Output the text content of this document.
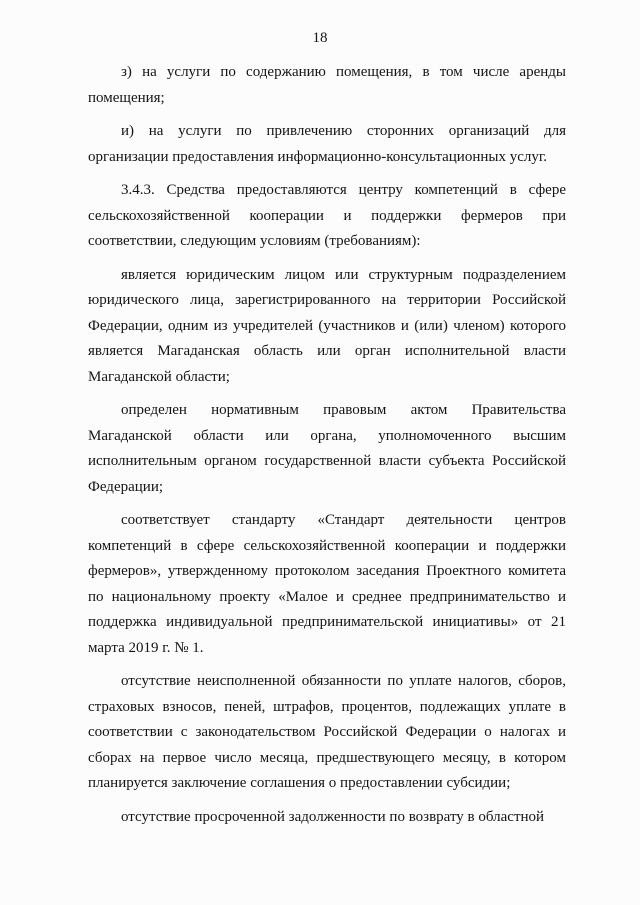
18

з) на услуги по содержанию помещения, в том числе аренды помещения;

и) на услуги по привлечению сторонних организаций для организации предоставления информационно-консультационных услуг.

3.4.3. Средства предоставляются центру компетенций в сфере сельскохозяйственной кооперации и поддержки фермеров при соответствии, следующим условиям (требованиям):

является юридическим лицом или структурным подразделением юридического лица, зарегистрированного на территории Российской Федерации, одним из учредителей (участников и (или) членом) которого является Магаданская область или орган исполнительной власти Магаданской области;

определен нормативным правовым актом Правительства Магаданской области или органа, уполномоченного высшим исполнительным органом государственной власти субъекта Российской Федерации;

соответствует стандарту «Стандарт деятельности центров компетенций в сфере сельскохозяйственной кооперации и поддержки фермеров», утвержденному протоколом заседания Проектного комитета по национальному проекту «Малое и среднее предпринимательство и поддержка индивидуальной предпринимательской инициативы» от 21 марта 2019 г. № 1.

отсутствие неисполненной обязанности по уплате налогов, сборов, страховых взносов, пеней, штрафов, процентов, подлежащих уплате в соответствии с законодательством Российской Федерации о налогах и сборах на первое число месяца, предшествующего месяцу, в котором планируется заключение соглашения о предоставлении субсидии;

отсутствие просроченной задолженности по возврату в областной
